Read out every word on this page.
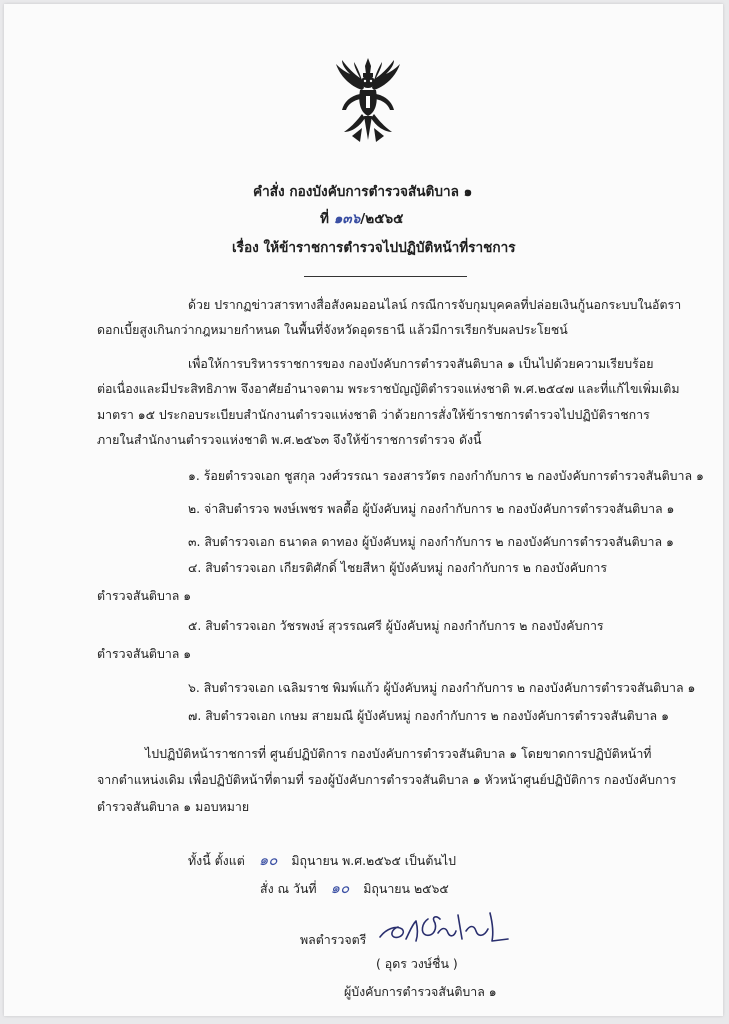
คำสั่ง กองบังคับการตำรวจสันติบาล ๑
ที่ ๑๓๖/๒๕๖๕
เรื่อง ให้ข้าราชการตำรวจไปปฏิบัติหน้าที่ราชการ
ด้วย ปรากฏข่าวสารทางสื่อสังคมออนไลน์ กรณีการจับกุมบุคคลที่ปล่อยเงินกู้นอกระบบในอัตรา
ดอกเบี้ยสูงเกินกว่ากฎหมายกำหนด ในพื้นที่จังหวัดอุดรธานี แล้วมีการเรียกรับผลประโยชน์
เพื่อให้การบริหารราชการของ กองบังคับการตำรวจสันติบาล ๑ เป็นไปด้วยความเรียบร้อย
ต่อเนื่องและมีประสิทธิภาพ จึงอาศัยอำนาจตาม พระราชบัญญัติตำรวจแห่งชาติ พ.ศ.๒๕๔๗ และที่แก้ไขเพิ่มเติม
มาตรา ๑๕ ประกอบระเบียบสำนักงานตำรวจแห่งชาติ ว่าด้วยการสั่งให้ข้าราชการตำรวจไปปฏิบัติราชการ
ภายในสำนักงานตำรวจแห่งชาติ พ.ศ.๒๕๖๓ จึงให้ข้าราชการตำรวจ ดังนี้
๑. ร้อยตำรวจเอก ชูสกุล วงศ์วรรณา รองสารวัตร กองกำกับการ ๒ กองบังคับการตำรวจสันติบาล ๑
๒. จ่าสิบตำรวจ พงษ์เพชร พลตื้อ ผู้บังคับหมู่ กองกำกับการ ๒ กองบังคับการตำรวจสันติบาล ๑
๓. สิบตำรวจเอก ธนาดล ดาทอง ผู้บังคับหมู่ กองกำกับการ ๒ กองบังคับการตำรวจสันติบาล ๑
๔. สิบตำรวจเอก เกียรติศักดิ์ ไชยสีหา ผู้บังคับหมู่ กองกำกับการ ๒ กองบังคับการ
ตำรวจสันติบาล ๑
๕. สิบตำรวจเอก วัชรพงษ์ สุวรรณศรี ผู้บังคับหมู่ กองกำกับการ ๒ กองบังคับการ
ตำรวจสันติบาล ๑
๖. สิบตำรวจเอก เฉลิมราช พิมพ์แก้ว ผู้บังคับหมู่ กองกำกับการ ๒ กองบังคับการตำรวจสันติบาล ๑
๗. สิบตำรวจเอก เกษม สายมณี ผู้บังคับหมู่ กองกำกับการ ๒ กองบังคับการตำรวจสันติบาล ๑
ไปปฏิบัติหน้าราชการที่ ศูนย์ปฏิบัติการ กองบังคับการตำรวจสันติบาล ๑ โดยขาดการปฏิบัติหน้าที่
จากตำแหน่งเดิม เพื่อปฏิบัติหน้าที่ตามที่ รองผู้บังคับการตำรวจสันติบาล ๑ หัวหน้าศูนย์ปฏิบัติการ กองบังคับการ
ตำรวจสันติบาล ๑ มอบหมาย
ทั้งนี้ ตั้งแต่ ๑๐ มิถุนายน พ.ศ.๒๕๖๕ เป็นต้นไป
สั่ง ณ วันที่ ๑๐ มิถุนายน ๒๕๖๕
พลตำรวจตรี
( อุดร วงษ์ชื่น )
ผู้บังคับการตำรวจสันติบาล ๑
